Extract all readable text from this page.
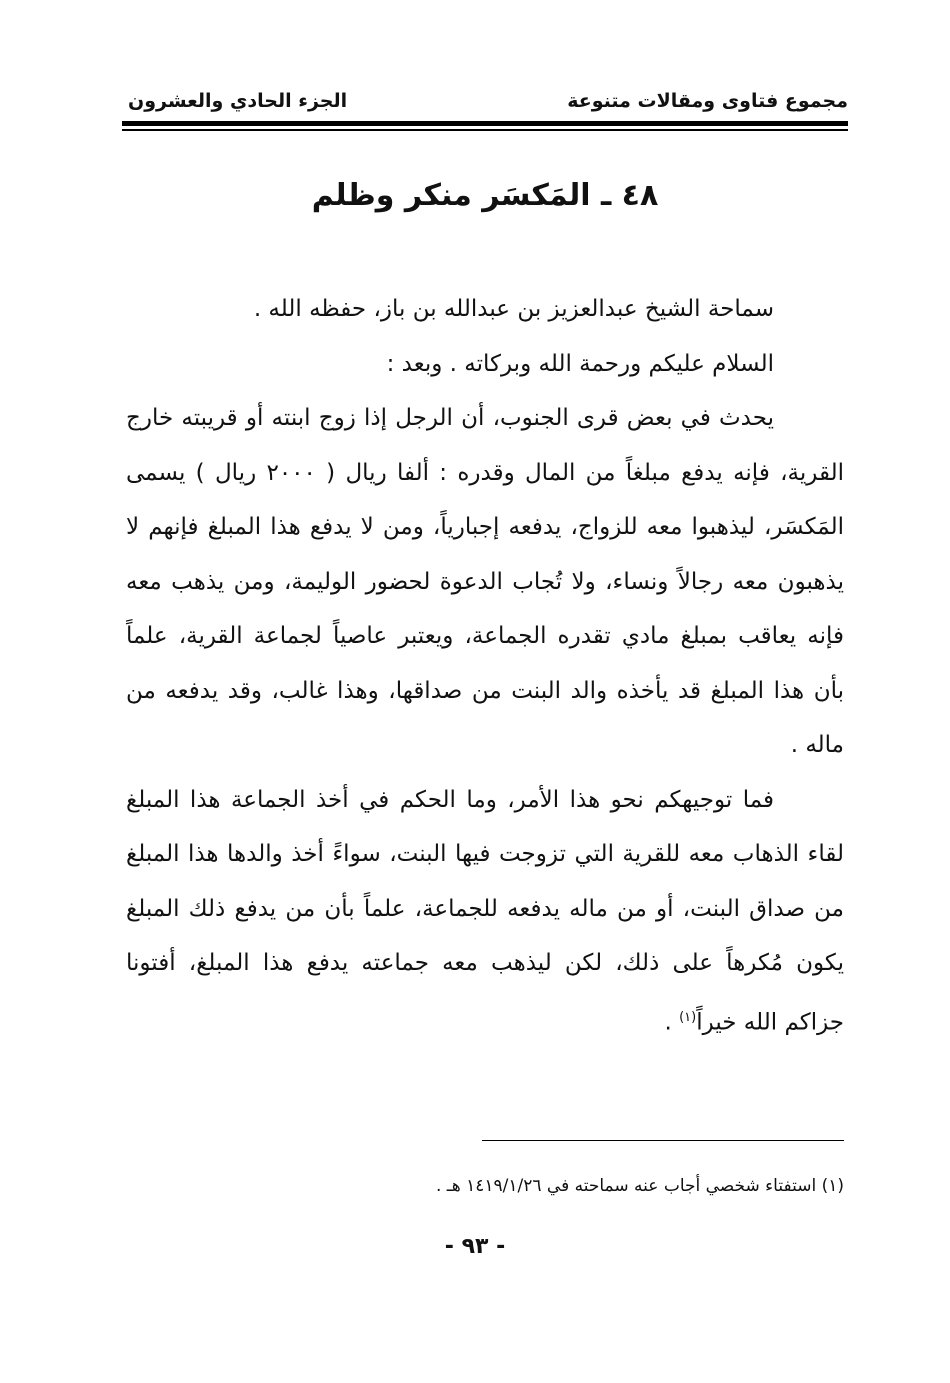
مجموع فتاوى ومقالات متنوعة
الجزء الحادي والعشرون
٤٨ ـ المَكسَر منكر وظلم

سماحة الشيخ عبدالعزيز بن عبدالله بن باز، حفظه الله .

السلام عليكم ورحمة الله وبركاته . وبعد :

يحدث في بعض قرى الجنوب، أن الرجل إذا زوج ابنته أو قريبته خارج القرية، فإنه يدفع مبلغاً من المال وقدره : ألفا ريال ( ٢٠٠٠ ريال ) يسمى المَكسَر، ليذهبوا معه للزواج، يدفعه إجبارياً، ومن لا يدفع هذا المبلغ فإنهم لا يذهبون معه رجالاً ونساء، ولا تُجاب الدعوة لحضور الوليمة، ومن يذهب معه فإنه يعاقب بمبلغ مادي تقدره الجماعة، ويعتبر عاصياً لجماعة القرية، علماً بأن هذا المبلغ قد يأخذه والد البنت من صداقها، وهذا غالب، وقد يدفعه من ماله .

فما توجيهكم نحو هذا الأمر، وما الحكم في أخذ الجماعة هذا المبلغ لقاء الذهاب معه للقرية التي تزوجت فيها البنت، سواءً أخذ والدها هذا المبلغ من صداق البنت، أو من ماله يدفعه للجماعة، علماً بأن من يدفع ذلك المبلغ يكون مُكرهاً على ذلك، لكن ليذهب معه جماعته يدفع هذا المبلغ، أفتونا جزاكم الله خيراً$^{(١)}$ .

(١) استفتاء شخصي أجاب عنه سماحته في ١٤١٩/١/٢٦ هـ .
- ٩٣ -
